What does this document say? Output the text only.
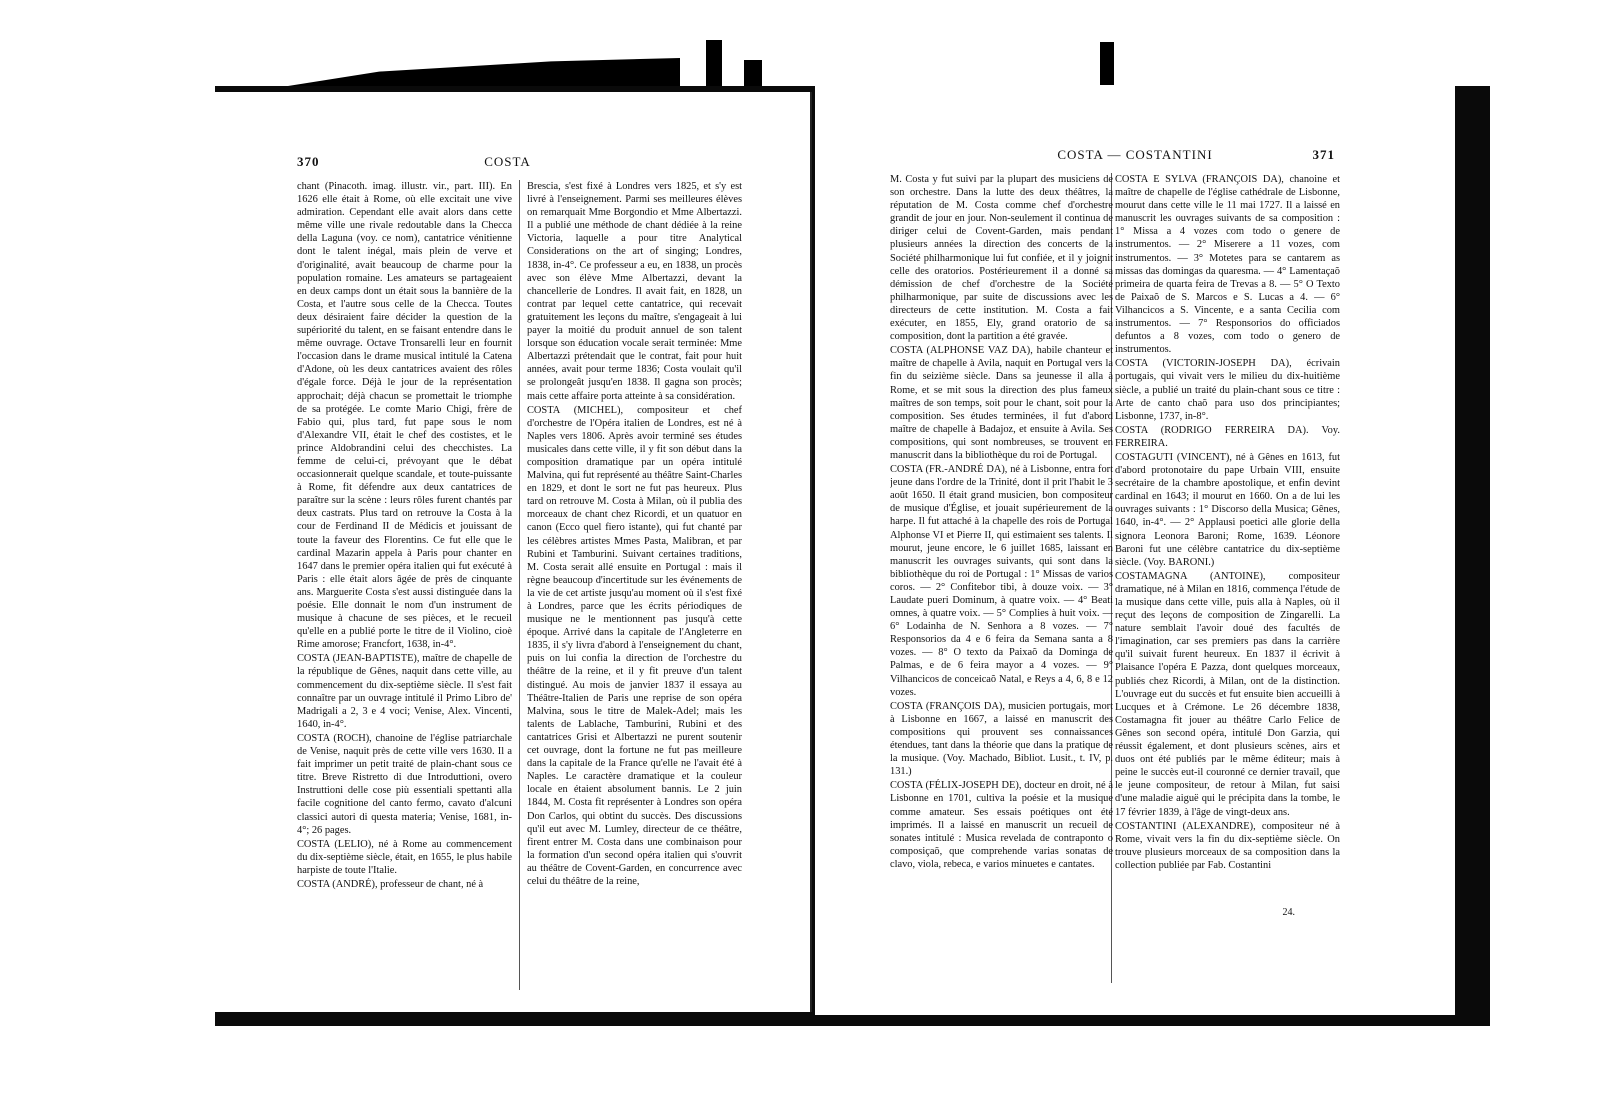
370	COSTA

chant (Pinacoth. imag. illustr. vir., part. III). En 1626 elle était à Rome, où elle excitait une vive admiration. Cependant elle avait alors dans cette même ville une rivale redoutable dans la Checca della Laguna (voy. ce nom), cantatrice vénitienne dont le talent inégal, mais plein de verve et d'originalité, avait beaucoup de charme pour la population romaine. Les amateurs se partageaient en deux camps dont un était sous la bannière de la Costa, et l'autre sous celle de la Checca. Toutes deux désiraient faire décider la question de la supériorité du talent, en se faisant entendre dans le même ouvrage. Octave Tronsarelli leur en fournit l'occasion dans le drame musical intitulé la Catena d'Adone, où les deux cantatrices avaient des rôles d'égale force. Déjà le jour de la représentation approchait; déjà chacun se promettait le triomphe de sa protégée. Le comte Mario Chigi, frère de Fabio qui, plus tard, fut pape sous le nom d'Alexandre VII, était le chef des costistes, et le prince Aldobrandini celui des checchistes. La femme de celui-ci, prévoyant que le débat occasionnerait quelque scandale, et toute-puissante à Rome, fit défendre aux deux cantatrices de paraître sur la scène : leurs rôles furent chantés par deux castrats. Plus tard on retrouve la Costa à la cour de Ferdinand II de Médicis et jouissant de toute la faveur des Florentins. Ce fut elle que le cardinal Mazarin appela à Paris pour chanter en 1647 dans le premier opéra italien qui fut exécuté à Paris : elle était alors âgée de près de cinquante ans. Marguerite Costa s'est aussi distinguée dans la poésie. Elle donnait le nom d'un instrument de musique à chacune de ses pièces, et le recueil qu'elle en a publié porte le titre de il Violino, cioè Rime amorose; Francfort, 1638, in-4°.

COSTA (JEAN-BAPTISTE), maître de chapelle de la république de Gênes, naquit dans cette ville, au commencement du dix-septième siècle. Il s'est fait connaître par un ouvrage intitulé il Primo Libro de' Madrigali a 2, 3 e 4 voci; Venise, Alex. Vincenti, 1640, in-4°.

COSTA (ROCH), chanoine de l'église patriarchale de Venise, naquit près de cette ville vers 1630. Il a fait imprimer un petit traité de plain-chant sous ce titre. Breve Ristretto di due Introduttioni, overo Instruttioni delle cose più essentiali spettanti alla facile cognitione del canto fermo, cavato d'alcuni classici autori di questa materia; Venise, 1681, in-4°; 26 pages.

COSTA (LELIO), né à Rome au commencement du dix-septième siècle, était, en 1655, le plus habile harpiste de toute l'Italie.

COSTA (ANDRÉ), professeur de chant, né à

Brescia, s'est fixé à Londres vers 1825, et s'y est livré à l'enseignement. Parmi ses meilleures élèves on remarquait Mme Borgondio et Mme Albertazzi. Il a publié une méthode de chant dédiée à la reine Victoria, laquelle a pour titre Analytical Considerations on the art of singing; Londres, 1838, in-4°. Ce professeur a eu, en 1838, un procès avec son élève Mme Albertazzi, devant la chancellerie de Londres. Il avait fait, en 1828, un contrat par lequel cette cantatrice, qui recevait gratuitement les leçons du maître, s'engageait à lui payer la moitié du produit annuel de son talent lorsque son éducation vocale serait terminée: Mme Albertazzi prétendait que le contrat, fait pour huit années, avait pour terme 1836; Costa voulait qu'il se prolongeât jusqu'en 1838. Il gagna son procès; mais cette affaire porta atteinte à sa considération.

COSTA (MICHEL), compositeur et chef d'orchestre de l'Opéra italien de Londres, est né à Naples vers 1806. Après avoir terminé ses études musicales dans cette ville, il y fit son début dans la composition dramatique par un opéra intitulé Malvina, qui fut représenté au théâtre Saint-Charles en 1829, et dont le sort ne fut pas heureux. Plus tard on retrouve M. Costa à Milan, où il publia des morceaux de chant chez Ricordi, et un quatuor en canon (Ecco quel fiero istante), qui fut chanté par les célèbres artistes Mmes Pasta, Malibran, et par Rubini et Tamburini. Suivant certaines traditions, M. Costa serait allé ensuite en Portugal : mais il règne beaucoup d'incertitude sur les événements de la vie de cet artiste jusqu'au moment où il s'est fixé à Londres, parce que les écrits périodiques de musique ne le mentionnent pas jusqu'à cette époque. Arrivé dans la capitale de l'Angleterre en 1835, il s'y livra d'abord à l'enseignement du chant, puis on lui confia la direction de l'orchestre du théâtre de la reine, et il y fit preuve d'un talent distingué. Au mois de janvier 1837 il essaya au Théâtre-Italien de Paris une reprise de son opéra Malvina, sous le titre de Malek-Adel; mais les talents de Lablache, Tamburini, Rubini et des cantatrices Grisi et Albertazzi ne purent soutenir cet ouvrage, dont la fortune ne fut pas meilleure dans la capitale de la France qu'elle ne l'avait été à Naples. Le caractère dramatique et la couleur locale en étaient absolument bannis. Le 2 juin 1844, M. Costa fit représenter à Londres son opéra Don Carlos, qui obtint du succès. Des discussions qu'il eut avec M. Lumley, directeur de ce théâtre, firent entrer M. Costa dans une combinaison pour la formation d'un second opéra italien qui s'ouvrit au théâtre de Covent-Garden, en concurrence avec celui du théâtre de la reine,

COSTA — COSTANTINI	371

M. Costa y fut suivi par la plupart des musiciens de son orchestre. Dans la lutte des deux théâtres, la réputation de M. Costa comme chef d'orchestre grandit de jour en jour. Non-seulement il continua de diriger celui de Covent-Garden, mais pendant plusieurs années la direction des concerts de la Société philharmonique lui fut confiée, et il y joignit celle des oratorios. Postérieurement il a donné sa démission de chef d'orchestre de la Société philharmonique, par suite de discussions avec les directeurs de cette institution. M. Costa a fait exécuter, en 1855, Ely, grand oratorio de sa composition, dont la partition a été gravée.

COSTA (ALPHONSE VAZ DA), habile chanteur et maître de chapelle à Avila, naquit en Portugal vers la fin du seizième siècle. Dans sa jeunesse il alla à Rome, et se mit sous la direction des plus fameux maîtres de son temps, soit pour le chant, soit pour la composition. Ses études terminées, il fut d'abord maître de chapelle à Badajoz, et ensuite à Avila. Ses compositions, qui sont nombreuses, se trouvent en manuscrit dans la bibliothèque du roi de Portugal.

COSTA (FR.-ANDRÉ DA), né à Lisbonne, entra fort jeune dans l'ordre de la Trinité, dont il prit l'habit le 3 août 1650. Il était grand musicien, bon compositeur de musique d'Église, et jouait supérieurement de la harpe. Il fut attaché à la chapelle des rois de Portugal Alphonse VI et Pierre II, qui estimaient ses talents. Il mourut, jeune encore, le 6 juillet 1685, laissant en manuscrit les ouvrages suivants, qui sont dans la bibliothèque du roi de Portugal : 1° Missas de varios coros. — 2° Confitebor tibi, à douze voix. — 3° Laudate pueri Dominum, à quatre voix. — 4° Beati omnes, à quatre voix. — 5° Complies à huit voix. — 6° Lodainha de N. Senhora a 8 vozes. — 7° Responsorios da 4 e 6 feira da Semana santa a 8 vozes. — 8° O texto da Paixaõ da Dominga de Palmas, e de 6 feira mayor a 4 vozes. — 9° Vilhancicos de conceicaõ Natal, e Reys a 4, 6, 8 e 12 vozes.

COSTA (FRANÇOIS DA), musicien portugais, mort à Lisbonne en 1667, a laissé en manuscrit des compositions qui prouvent ses connaissances étendues, tant dans la théorie que dans la pratique de la musique. (Voy. Machado, Bibliot. Lusit., t. IV, p. 131.)

COSTA (FÉLIX-JOSEPH DE), docteur en droit, né à Lisbonne en 1701, cultiva la poésie et la musique comme amateur. Ses essais poétiques ont été imprimés. Il a laissé en manuscrit un recueil de sonates intitulé : Musica revelada de contraponto o composiçaõ, que comprehende varias sonatas de clavo, viola, rebeca, e varios minuetes e cantates.

COSTA E SYLVA (FRANÇOIS DA), chanoine et maître de chapelle de l'église cathédrale de Lisbonne, mourut dans cette ville le 11 mai 1727. Il a laissé en manuscrit les ouvrages suivants de sa composition : 1° Missa a 4 vozes com todo o genere de instrumentos. — 2° Miserere a 11 vozes, com instrumentos. — 3° Motetes para se cantarem as missas das domingas da quaresma. — 4° Lamentaçaõ primeira de quarta feira de Trevas a 8. — 5° O Texto de Paixaõ de S. Marcos e S. Lucas a 4. — 6° Vilhancicos a S. Vincente, e a santa Cecilia com instrumentos. — 7° Responsorios do officiados defuntos a 8 vozes, com todo o genero de instrumentos.

COSTA (VICTORIN-JOSEPH DA), écrivain portugais, qui vivait vers le milieu du dix-huitième siècle, a publié un traité du plain-chant sous ce titre : Arte de canto chaõ para uso dos principiantes; Lisbonne, 1737, in-8°.

COSTA (RODRIGO FERREIRA DA). Voy. FERREIRA.

COSTAGUTI (VINCENT), né à Gênes en 1613, fut d'abord protonotaire du pape Urbain VIII, ensuite secrétaire de la chambre apostolique, et enfin devint cardinal en 1643; il mourut en 1660. On a de lui les ouvrages suivants : 1° Discorso della Musica; Gênes, 1640, in-4°. — 2° Applausi poetici alle glorie della signora Leonora Baroni; Rome, 1639. Léonore Baroni fut une célèbre cantatrice du dix-septième siècle. (Voy. BARONI.)

COSTAMAGNA (ANTOINE), compositeur dramatique, né à Milan en 1816, commença l'étude de la musique dans cette ville, puis alla à Naples, où il reçut des leçons de composition de Zingarelli. La nature semblait l'avoir doué des facultés de l'imagination, car ses premiers pas dans la carrière qu'il suivait furent heureux. En 1837 il écrivit à Plaisance l'opéra E Pazza, dont quelques morceaux, publiés chez Ricordi, à Milan, ont de la distinction. L'ouvrage eut du succès et fut ensuite bien accueilli à Lucques et à Crémone. Le 26 décembre 1838, Costamagna fit jouer au théâtre Carlo Felice de Gênes son second opéra, intitulé Don Garzia, qui réussit également, et dont plusieurs scènes, airs et duos ont été publiés par le même éditeur; mais à peine le succès eut-il couronné ce dernier travail, que le jeune compositeur, de retour à Milan, fut saisi d'une maladie aiguë qui le précipita dans la tombe, le 17 février 1839, à l'âge de vingt-deux ans.

COSTANTINI (ALEXANDRE), compositeur né à Rome, vivait vers la fin du dix-septième siècle. On trouve plusieurs morceaux de sa composition dans la collection publiée par Fab. Costantini

24.
